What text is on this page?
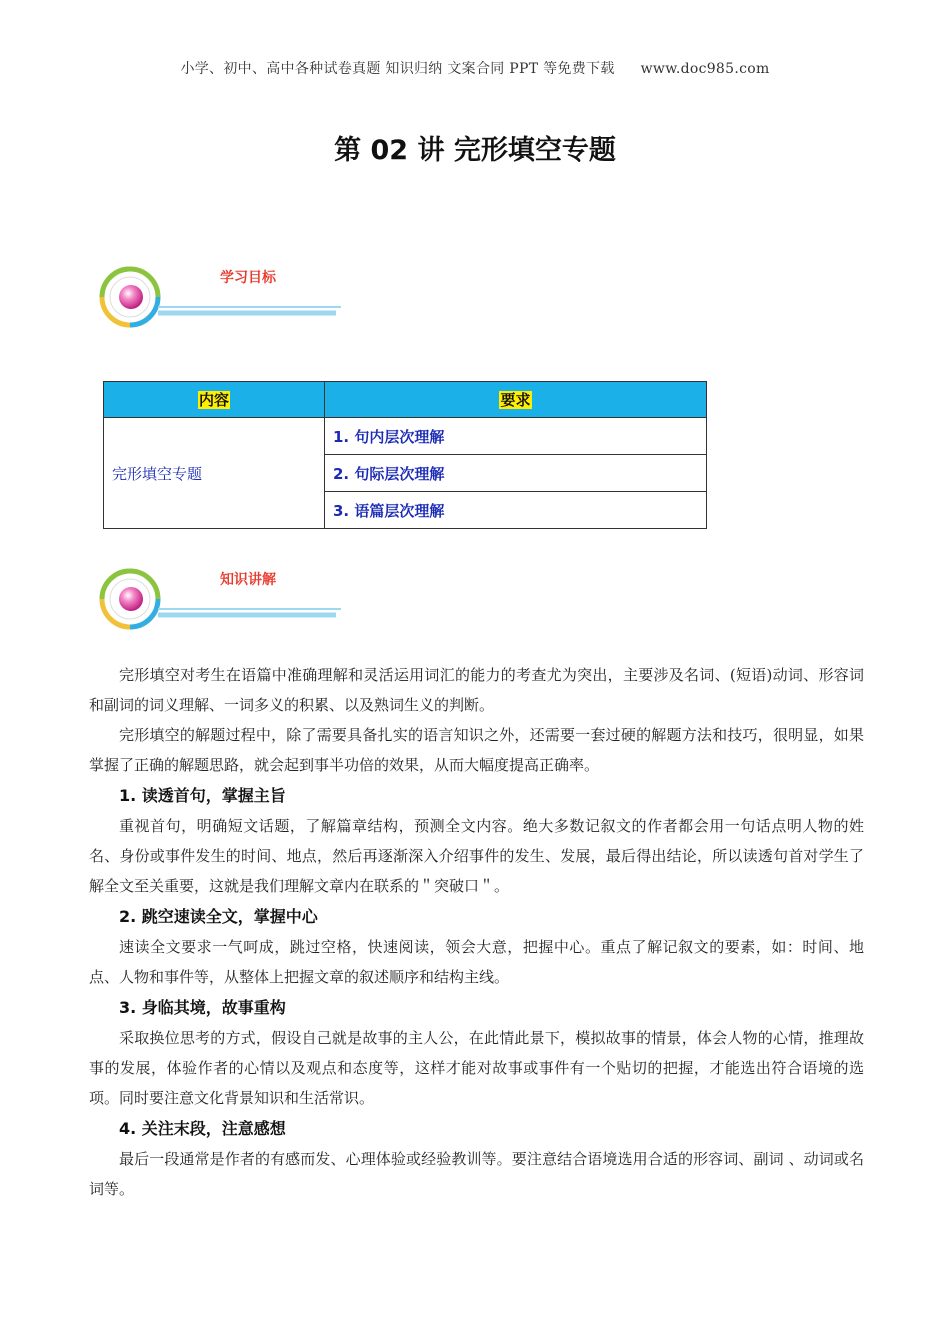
小学、初中、高中各种试卷真题 知识归纳 文案合同 PPT 等免费下载 www.doc985.com
第 02 讲 完形填空专题
学习目标
内容	要求
完形填空专题	1. 句内层次理解
	2. 句际层次理解
	3. 语篇层次理解
知识讲解

完形填空对考生在语篇中准确理解和灵活运用词汇的能力的考查尤为突出，主要涉及名词、(短语)动词、形容词和副词的词义理解、一词多义的积累、以及熟词生义的判断。

完形填空的解题过程中，除了需要具备扎实的语言知识之外，还需要一套过硬的解题方法和技巧，很明显，如果掌握了正确的解题思路，就会起到事半功倍的效果，从而大幅度提高正确率。

1. 读透首句，掌握主旨

重视首句，明确短文话题，了解篇章结构，预测全文内容。绝大多数记叙文的作者都会用一句话点明人物的姓名、身份或事件发生的时间、地点，然后再逐渐深入介绍事件的发生、发展，最后得出结论，所以读透句首对学生了解全文至关重要，这就是我们理解文章内在联系的＂突破口＂。

2. 跳空速读全文，掌握中心

速读全文要求一气呵成，跳过空格，快速阅读，领会大意，把握中心。重点了解记叙文的要素，如：时间、地点、人物和事件等，从整体上把握文章的叙述顺序和结构主线。

3. 身临其境，故事重构

采取换位思考的方式，假设自己就是故事的主人公，在此情此景下，模拟故事的情景，体会人物的心情，推理故事的发展，体验作者的心情以及观点和态度等，这样才能对故事或事件有一个贴切的把握，才能选出符合语境的选项。同时要注意文化背景知识和生活常识。

4. 关注末段，注意感想

最后一段通常是作者的有感而发、心理体验或经验教训等。要注意结合语境选用合适的形容词、副词 、动词或名词等。
